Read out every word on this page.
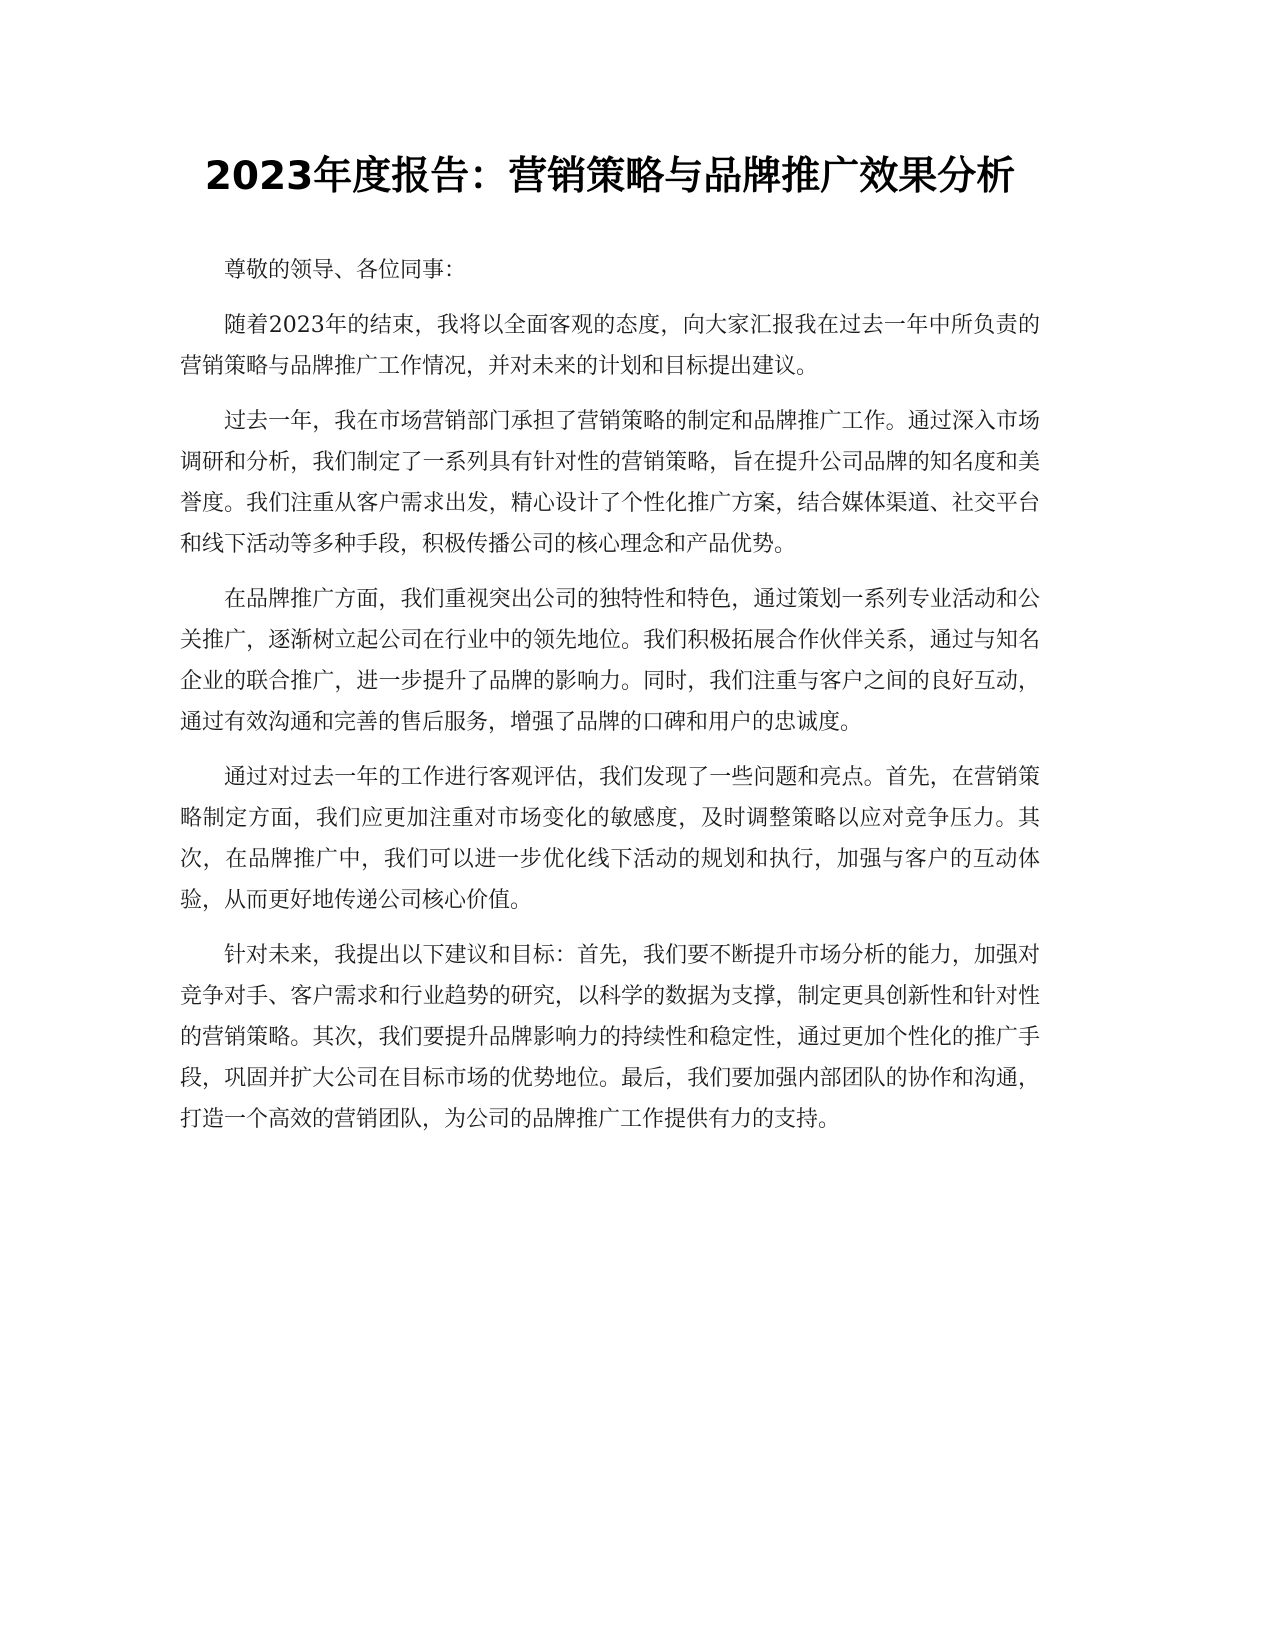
2023年度报告：营销策略与品牌推广效果分析

尊敬的领导、各位同事：

随着2023年的结束，我将以全面客观的态度，向大家汇报我在过去一年中所负责的营销策略与品牌推广工作情况，并对未来的计划和目标提出建议。

过去一年，我在市场营销部门承担了营销策略的制定和品牌推广工作。通过深入市场调研和分析，我们制定了一系列具有针对性的营销策略，旨在提升公司品牌的知名度和美誉度。我们注重从客户需求出发，精心设计了个性化推广方案，结合媒体渠道、社交平台和线下活动等多种手段，积极传播公司的核心理念和产品优势。

在品牌推广方面，我们重视突出公司的独特性和特色，通过策划一系列专业活动和公关推广，逐渐树立起公司在行业中的领先地位。我们积极拓展合作伙伴关系，通过与知名企业的联合推广，进一步提升了品牌的影响力。同时，我们注重与客户之间的良好互动，通过有效沟通和完善的售后服务，增强了品牌的口碑和用户的忠诚度。

通过对过去一年的工作进行客观评估，我们发现了一些问题和亮点。首先，在营销策略制定方面，我们应更加注重对市场变化的敏感度，及时调整策略以应对竞争压力。其次，在品牌推广中，我们可以进一步优化线下活动的规划和执行，加强与客户的互动体验，从而更好地传递公司核心价值。

针对未来，我提出以下建议和目标：首先，我们要不断提升市场分析的能力，加强对竞争对手、客户需求和行业趋势的研究，以科学的数据为支撑，制定更具创新性和针对性的营销策略。其次，我们要提升品牌影响力的持续性和稳定性，通过更加个性化的推广手段，巩固并扩大公司在目标市场的优势地位。最后，我们要加强内部团队的协作和沟通，打造一个高效的营销团队，为公司的品牌推广工作提供有力的支持。
